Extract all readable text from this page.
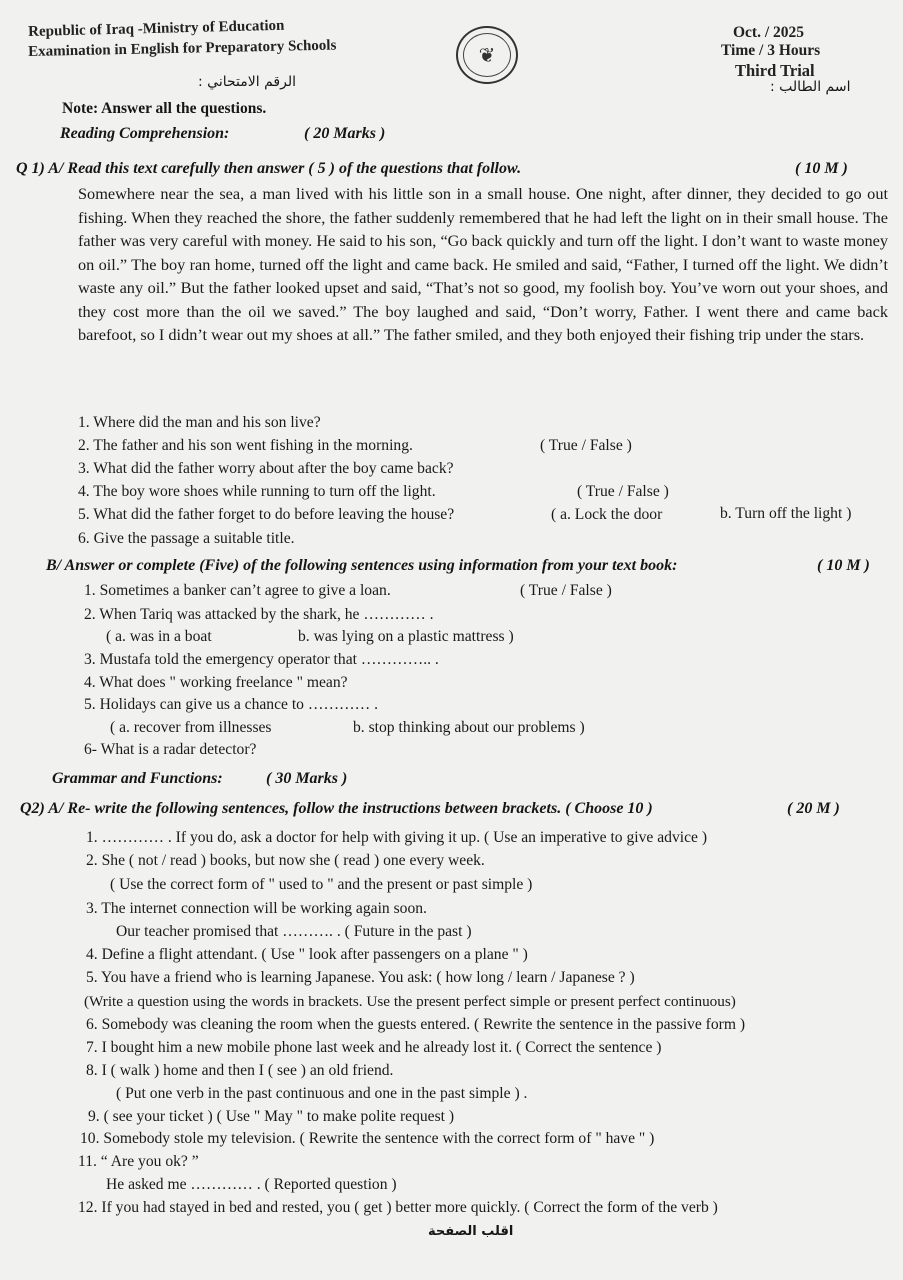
Republic of Iraq -Ministry of Education
Examination in English for Preparatory Schools	❦
Oct. / 2025
Time / 3 Hours
Third Trial
الرقم الامتحاني :	اسم الطالب :
Note: Answer all the questions.
Reading Comprehension:	( 20 Marks )
Q 1) A/ Read this text carefully then answer ( 5 ) of the questions that follow.	( 10 M )
Somewhere near the sea, a man lived with his little son in a small house. One night, after dinner, they decided to go out fishing. When they reached the shore, the father suddenly remembered that he had left the light on in their small house. The father was very careful with money. He said to his son, “Go back quickly and turn off the light. I don’t want to waste money on oil.” The boy ran home, turned off the light and came back. He smiled and said, “Father, I turned off the light. We didn’t waste any oil.” But the father looked upset and said, “That’s not so good, my foolish boy. You’ve worn out your shoes, and they cost more than the oil we saved.” The boy laughed and said, “Don’t worry, Father. I went there and came back barefoot, so I didn’t wear out my shoes at all.” The father smiled, and they both enjoyed their fishing trip under the stars.
1. Where did the man and his son live?
2. The father and his son went fishing in the morning.	( True / False )
3. What did the father worry about after the boy came back?
4. The boy wore shoes while running to turn off the light.	( True / False )
5. What did the father forget to do before leaving the house?	( a. Lock the door	b. Turn off the light )
6. Give the passage a suitable title.
B/ Answer or complete (Five) of the following sentences using information from your text book:	( 10 M )
1. Sometimes a banker can’t agree to give a loan.	( True / False )
2. When Tariq was attacked by the shark, he ………… .
( a. was in a boat	b. was lying on a plastic mattress )
3. Mustafa told the emergency operator that ………….. .
4. What does " working freelance " mean?
5. Holidays can give us a chance to ………… .
( a. recover from illnesses	b. stop thinking about our problems )
6- What is a radar detector?
Grammar and Functions:	( 30 Marks )
Q2) A/ Re- write the following sentences, follow the instructions between brackets. ( Choose 10 )	( 20 M )
1. ………… . If you do, ask a doctor for help with giving it up. ( Use an imperative to give advice )
2. She ( not / read ) books, but now she ( read ) one every week.
( Use the correct form of " used to " and the present or past simple )
3. The internet connection will be working again soon.
Our teacher promised that ………. . ( Future in the past )
4. Define a flight attendant. ( Use " look after passengers on a plane " )
5. You have a friend who is learning Japanese. You ask: ( how long / learn / Japanese ? )
(Write a question using the words in brackets. Use the present perfect simple or present perfect continuous)
6. Somebody was cleaning the room when the guests entered. ( Rewrite the sentence in the passive form )
7. I bought him a new mobile phone last week and he already lost it. ( Correct the sentence )
8. I ( walk ) home and then I ( see ) an old friend.
( Put one verb in the past continuous and one in the past simple ) .
9. ( see your ticket ) ( Use " May " to make polite request )
10. Somebody stole my television. ( Rewrite the sentence with the correct form of " have " )
11. “ Are you ok? ”
He asked me ………… . ( Reported question )
12. If you had stayed in bed and rested, you ( get ) better more quickly. ( Correct the form of the verb )
اقلب الصفحة
